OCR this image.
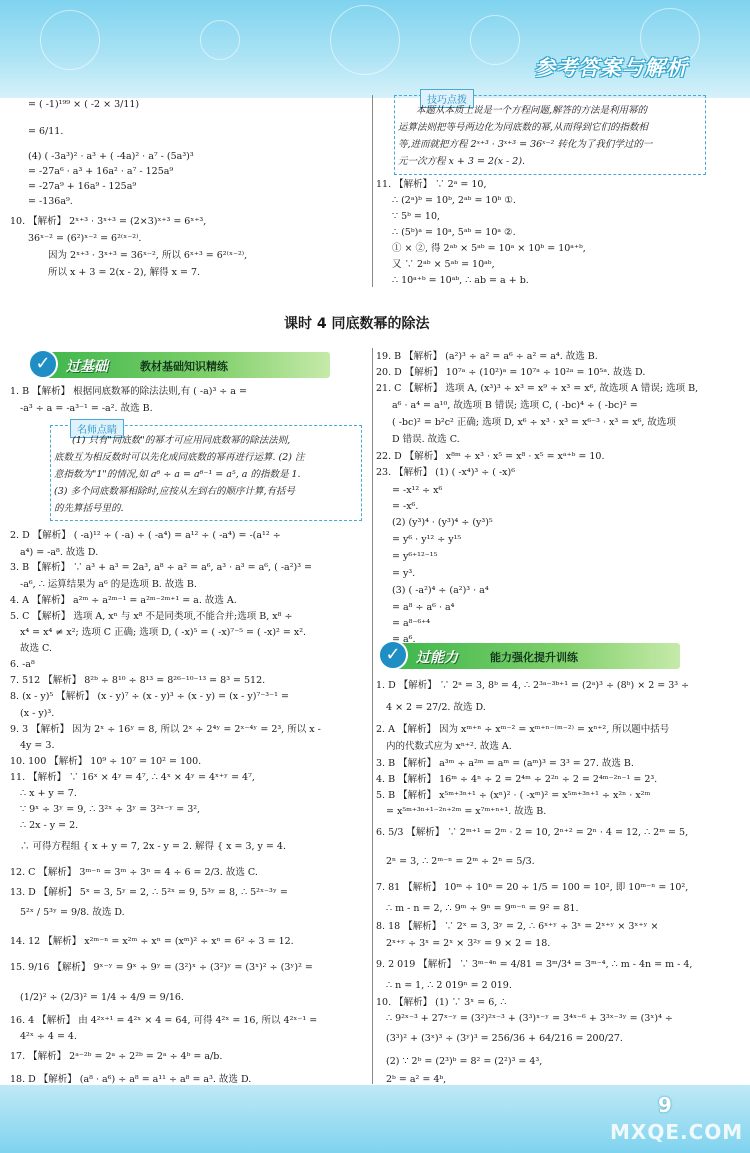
参考答案与解析
技巧点拨
本题从本质上说是一个方程问题,解答的方法是利用幂的
运算法则把等号两边化为同底数的幂,从而得到它们的指数相
等,进而就把方程 2ˣ⁺³ · 3ˣ⁺³ = 36ˣ⁻² 转化为了我们学过的一
元一次方程 x + 3 = 2(x - 2).
= ( -1)¹⁹⁹ × ( -2 × 3/11)
= 6/11.
(4) ( -3a³)² · a³ + ( -4a)² · a⁷ - (5a³)³
= -27a⁶ · a³ + 16a² · a⁷ - 125a⁹
= -27a⁹ + 16a⁹ - 125a⁹
= -136a⁹.
10. 【解析】 2ˣ⁺³ · 3ˣ⁺³ = (2×3)ˣ⁺³ = 6ˣ⁺³,
36ˣ⁻² = (6²)ˣ⁻² = 6²⁽ˣ⁻²⁾.
因为 2ˣ⁺³ · 3ˣ⁺³ = 36ˣ⁻², 所以 6ˣ⁺³ = 6²⁽ˣ⁻²⁾,
所以 x + 3 = 2(x - 2), 解得 x = 7.
11. 【解析】 ∵ 2ᵃ = 10,
∴ (2ᵃ)ᵇ = 10ᵇ, 2ᵃᵇ = 10ᵇ ①.
∵ 5ᵇ = 10,
∴ (5ᵇ)ᵃ = 10ᵃ, 5ᵃᵇ = 10ᵃ ②.
① × ②, 得 2ᵃᵇ × 5ᵃᵇ = 10ᵃ × 10ᵇ = 10ᵃ⁺ᵇ,
又 ∵ 2ᵃᵇ × 5ᵃᵇ = 10ᵃᵇ,
∴ 10ᵃ⁺ᵇ = 10ᵃᵇ, ∴ ab = a + b.
课时 4 同底数幂的除法
✓	过基础	教材基础知识精练
名师点睛
(1) 只有"同底数"的幂才可应用同底数幂的除法法则,
底数互为相反数时可以先化成同底数的幂再进行运算. (2) 注
意指数为"1"的情况,如 a⁶ ÷ a = a⁶⁻¹ = a⁵, a 的指数是 1.
(3) 多个同底数幂相除时,应按从左到右的顺序计算,有括号
的先算括号里的.
✓	过能力	能力强化提升训练
1. B 【解析】 根据同底数幂的除法法则,有 ( -a)³ ÷ a =
-a³ ÷ a = -a³⁻¹ = -a². 故选 B.
2. D 【解析】 ( -a)¹² ÷ ( -a) ÷ ( -a⁴) = a¹² ÷ ( -a⁴) = -(a¹² ÷
a⁴) = -a⁸. 故选 D.
3. B 【解析】 ∵ a³ + a³ = 2a³, a⁸ ÷ a² = a⁶, a³ · a³ = a⁶, ( -a²)³ =
-a⁶, ∴ 运算结果为 a⁶ 的是选项 B. 故选 B.
4. A 【解析】 a²ᵐ ÷ a²ᵐ⁻¹ = a²ᵐ⁻²ᵐ⁺¹ = a. 故选 A.
5. C 【解析】 选项 A, xⁿ 与 x⁸ 不是同类项,不能合并;选项 B, x⁸ ÷
x⁴ = x⁴ ≠ x²; 选项 C 正确; 选项 D, ( -x)⁵ = ( -x)⁷⁻⁵ = ( -x)² = x².
故选 C.
6. -a⁸
7. 512 【解析】 8²ᵇ ÷ 8¹⁰ ÷ 8¹³ = 8²⁶⁻¹⁰⁻¹³ = 8³ = 512.
8. (x - y)⁵ 【解析】 (x - y)⁷ ÷ (x - y)³ ÷ (x - y) = (x - y)⁷⁻³⁻¹ =
(x - y)³.
9. 3 【解析】 因为 2ˣ ÷ 16ʸ = 8, 所以 2ˣ ÷ 2⁴ʸ = 2ˣ⁻⁴ʸ = 2³, 所以 x -
4y = 3.
10. 100 【解析】 10⁹ ÷ 10⁷ = 10² = 100.
11. 【解析】 ∵ 16ˣ × 4ʸ = 4⁷, ∴ 4ˣ × 4ʸ = 4ˣ⁺ʸ = 4⁷,
∴ x + y = 7.
∵ 9ˣ ÷ 3ʸ = 9, ∴ 3²ˣ ÷ 3ʸ = 3²ˣ⁻ʸ = 3²,
∴ 2x - y = 2.
∴ 可得方程组 { x + y = 7, 2x - y = 2. 解得 { x = 3, y = 4.
12. C 【解析】 3ᵐ⁻ⁿ = 3ᵐ ÷ 3ⁿ = 4 ÷ 6 = 2/3. 故选 C.
13. D 【解析】 5ˣ = 3, 5ʸ = 2, ∴ 5²ˣ = 9, 5³ʸ = 8, ∴ 5²ˣ⁻³ʸ =
5²ˣ / 5³ʸ = 9/8. 故选 D.
14. 12 【解析】 x²ᵐ⁻ⁿ = x²ᵐ ÷ xⁿ = (xᵐ)² ÷ xⁿ = 6² ÷ 3 = 12.
15. 9/16 【解析】 9ˣ⁻ʸ = 9ˣ ÷ 9ʸ = (3²)ˣ ÷ (3²)ʸ = (3ˣ)² ÷ (3ʸ)² =
(1/2)² ÷ (2/3)² = 1/4 ÷ 4/9 = 9/16.
16. 4 【解析】 由 4²ˣ⁺¹ = 4²ˣ × 4 = 64, 可得 4²ˣ = 16, 所以 4²ˣ⁻¹ =
4²ˣ ÷ 4 = 4.
17. 【解析】 2ᵃ⁻²ᵇ = 2ᵃ ÷ 2²ᵇ = 2ᵃ ÷ 4ᵇ = a/b.
18. D 【解析】 (a⁸ · a⁶) ÷ a⁸ = a¹¹ ÷ a⁸ = a³. 故选 D.
19. B 【解析】 (a²)³ ÷ a² = a⁶ ÷ a² = a⁴. 故选 B.
20. D 【解析】 10⁷ᵃ ÷ (10²)ᵃ = 10⁷ᵃ ÷ 10²ᵃ = 10⁵ᵃ. 故选 D.
21. C 【解析】 选项 A, (x³)³ ÷ x³ = x⁹ ÷ x³ = x⁶, 故选项 A 错误; 选项 B,
a⁶ · a⁴ = a¹⁰, 故选项 B 错误; 选项 C, ( -bc)⁴ ÷ ( -bc)² =
( -bc)² = b²c² 正确; 选项 D, x⁶ ÷ x³ · x³ = x⁶⁻³ · x³ = x⁶, 故选项
D 错误. 故选 C.
22. D 【解析】 x⁸ᵐ ÷ x³ · x⁵ = x⁸ · x⁵ = xᵃ⁺ᵇ = 10.
23. 【解析】 (1) ( -x⁴)³ ÷ ( -x)⁶
= -x¹² ÷ x⁶
= -x⁶.
(2) (y³)⁴ · (y³)⁴ ÷ (y³)⁵
= y⁶ · y¹² ÷ y¹⁵
= y⁶⁺¹²⁻¹⁵
= y³.
(3) ( -a²)⁴ ÷ (a²)³ · a⁴
= a⁸ ÷ a⁶ · a⁴
= a⁸⁻⁶⁺⁴
= a⁶.
1. D 【解析】 ∵ 2ᵃ = 3, 8ᵇ = 4, ∴ 2³ᵃ⁻³ᵇ⁺¹ = (2ᵃ)³ ÷ (8ᵇ) × 2 = 3³ ÷
4 × 2 = 27/2. 故选 D.
2. A 【解析】 因为 xᵐ⁺ⁿ ÷ xᵐ⁻² = xᵐ⁺ⁿ⁻⁽ᵐ⁻²⁾ = xⁿ⁺², 所以题中括号
内的代数式应为 xⁿ⁺². 故选 A.
3. B 【解析】 a³ᵐ ÷ a²ᵐ = aᵐ = (aᵐ)³ = 3³ = 27. 故选 B.
4. B 【解析】 16ᵐ ÷ 4ⁿ ÷ 2 = 2⁴ᵐ ÷ 2²ⁿ ÷ 2 = 2⁴ᵐ⁻²ⁿ⁻¹ = 2³.
5. B 【解析】 x⁵ᵐ⁺³ⁿ⁺¹ ÷ (xⁿ)² · ( -xᵐ)² = x⁵ᵐ⁺³ⁿ⁺¹ ÷ x²ⁿ · x²ᵐ
= x⁵ᵐ⁺³ⁿ⁺¹⁻²ⁿ⁺²ᵐ = x⁷ᵐ⁺ⁿ⁺¹. 故选 B.
6. 5/3 【解析】 ∵ 2ᵐ⁺¹ = 2ᵐ · 2 = 10, 2ⁿ⁺² = 2ⁿ · 4 = 12, ∴ 2ᵐ = 5,
2ⁿ = 3, ∴ 2ᵐ⁻ⁿ = 2ᵐ ÷ 2ⁿ = 5/3.
7. 81 【解析】 10ᵐ ÷ 10ⁿ = 20 ÷ 1/5 = 100 = 10², 即 10ᵐ⁻ⁿ = 10²,
∴ m - n = 2, ∴ 9ᵐ ÷ 9ⁿ = 9ᵐ⁻ⁿ = 9² = 81.
8. 18 【解析】 ∵ 2ˣ = 3, 3ʸ = 2, ∴ 6ˣ⁺ʸ ÷ 3ˣ = 2ˣ⁺ʸ × 3ˣ⁺ʸ ×
2ˣ⁺ʸ ÷ 3ˣ = 2ˣ × 3²ʸ = 9 × 2 = 18.
9. 2 019 【解析】 ∵ 3ᵐ⁻⁴ⁿ = 4/81 = 3ᵐ/3⁴ = 3ᵐ⁻⁴, ∴ m - 4n = m - 4,
∴ n = 1, ∴ 2 019ⁿ = 2 019.
10. 【解析】 (1) ∵ 3ˣ = 6, ∴
∴ 9²ˣ⁻³ + 27ˣ⁻ʸ = (3²)²ˣ⁻³ + (3³)ˣ⁻ʸ = 3⁴ˣ⁻⁶ + 3³ˣ⁻³ʸ = (3ˣ)⁴ ÷
(3³)² + (3ˣ)³ ÷ (3ʸ)³ = 256/36 + 64/216 = 200/27.
(2) ∵ 2ᵇ = (2³)ᵇ = 8² = (2²)³ = 4³,
2ᵇ = a² = 4ᵇ,
9
MXQE.COM
